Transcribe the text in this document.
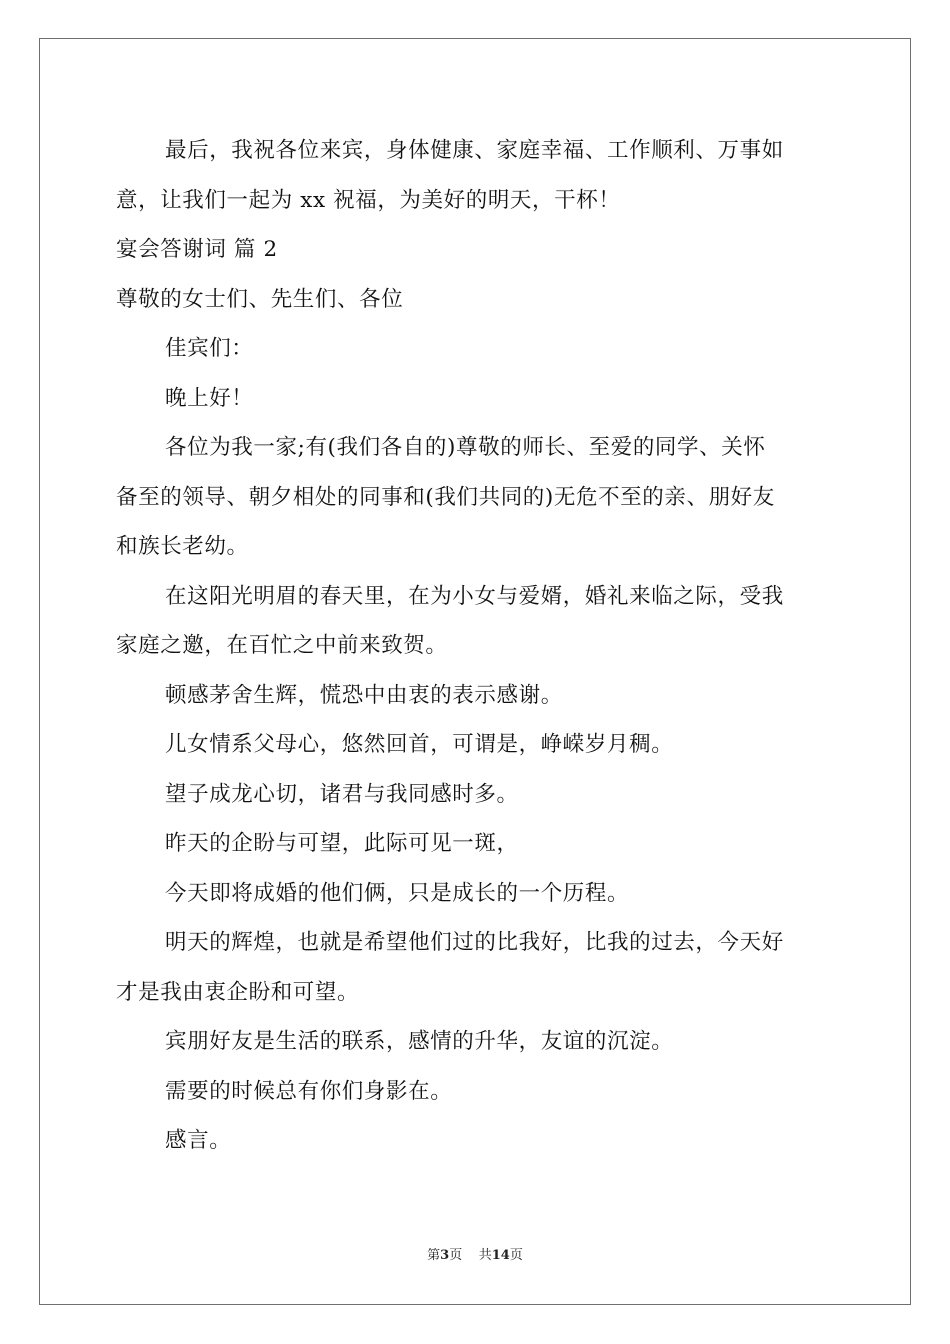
最后，我祝各位来宾，身体健康、家庭幸福、工作顺利、万事如
意，让我们一起为 xx 祝福，为美好的明天，干杯！
宴会答谢词 篇 2
尊敬的女士们、先生们、各位
佳宾们：
晚上好！
各位为我一家;有(我们各自的)尊敬的师长、至爱的同学、关怀
备至的领导、朝夕相处的同事和(我们共同的)无危不至的亲、朋好友
和族长老幼。
在这阳光明眉的春天里，在为小女与爱婿，婚礼来临之际，受我
家庭之邀，在百忙之中前来致贺。
顿感茅舍生辉，慌恐中由衷的表示感谢。
儿女情系父母心，悠然回首，可谓是，峥嵘岁月稠。
望子成龙心切，诸君与我同感时多。
昨天的企盼与可望，此际可见一斑，
今天即将成婚的他们俩，只是成长的一个历程。
明天的辉煌，也就是希望他们过的比我好，比我的过去，今天好
才是我由衷企盼和可望。
宾朋好友是生活的联系，感情的升华，友谊的沉淀。
需要的时候总有你们身影在。
感言。
第3页 共14页
